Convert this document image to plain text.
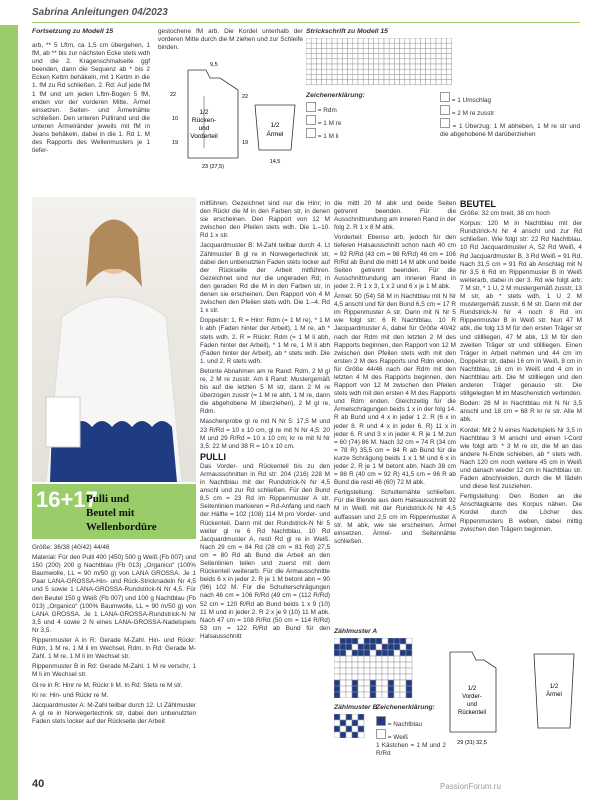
Sabrina Anleitungen 04/2023
Fortsetzung zu Modell 15
arb, ** 5 Lftm, ca 1,5 cm übergehen, 1 fM, ab ** bis zur nächsten Ecke stets wdh und die 2. Kragenschmalseite ggf beenden, dann die Sequenz ab * bis 2 Ecken Kettm behäkeln, mit 1 Kettm in die 1. fM zu Rd schließen. 2. Rd: Auf jede fM 1 fM und um jeden Lftm-Bogen 5 fM, enden vor der vorderen Mitte. Ärmel einsetzen. Seiten- und Ärmelnähte schließen. Den unteren Pullirand und die unteren Ärmelränder jeweils mit fM in Jeans behäkeln, dabei in die 1. Rd 1. M des Rapports des Wellenmusters je 1 tiefer-
gestochene fM arb. Die Kordel unterhalb der vorderen Mitte durch die M ziehen und zur Schleife binden.
1/2
Rücken-
und
Vorderteil
9,5
22
10
19
23 (27,5)
22
19
1/2
Ärmel
14,5
Strickschrift zu Modell 15
Zeichenerklärung:
= Rdm
= 1 M re
= 1 M li
= 1 Umschlag
= 2 M re zusstr
= 1 Überzug: 1 M abheben, 1 M re str und die abgehobene M darüberziehen
16+17
Pulli und
Beutel mit
Wellenbordüre

Größe: 36/38 (40/42) 44/46

Material: Für den Pulli 400 (450) 500 g Weiß (Fb 007) und 150 (200) 200 g Nachtblau (Fb 013) „Organico“ (100% Baumwolle, LL = 90 m/50 g) von LANA GROSSA. Je 1 Paar LANA-GROSSA-Hin- und Rück-Stricknadeln Nr 4,5 und 5 sowie 1 LANA-GROSSA-Rundstrick-N Nr 4,5. Für den Beutel 150 g Weiß (Fb 007) und 100 g Nachtblau (Fb 013) „Organico“ (100% Baumwolle, LL = 90 m/50 g) von LANA GROSSA. Je 1 LANA-GROSSA-Rundstrick-N Nr 3,5 und 4 sowie 2 N eines LANA-GROSSA-Nadelspiels Nr 3,5.

Rippenmuster A in R: Gerade M-Zahl. Hin- und Rückr: Rdm, 1 M re, 1 M li im Wechsel, Rdm. In Rd: Gerade M-Zahl. 1 M re, 1 M li im Wechsel str.

Rippenmuster B in Rd: Gerade M-Zahl. 1 M re verschr, 1 M li im Wechsel str.

Gl re in R: Hinr re M, Rückr li M. In Rd: Stets re M str.

Kr re: Hin- und Rückr re M.

Jacquardmuster A: M-Zahl teilbar durch 12. Lt Zählmuster A gl re in Norwegertechnik str, dabei den unbenutzten Faden stets locker auf der Rückseite der Arbeit

mitführen. Gezeichnet sind nur die Hinr; in den Rückr die M in den Farben str, in denen sie erscheinen. Den Rapport von 12 M zwischen den Pfeilen stets wdh. Die 1.–10. Rd 1 x str.

Jacquardmuster B: M-Zahl teilbar durch 4. Lt Zählmuster B gl re in Norwegertechnik str, dabei den unbenutzten Faden stets locker auf der Rückseite der Arbeit mitführen. Gezeichnet sind nur die ungeraden Rd; in den geraden Rd die M in den Farben str, in denen sie erscheinen. Den Rapport von 4 M zwischen den Pfeilen stets wdh. Die 1.–4. Rd 1 x str.

Doppelstr: 1. R = Hinr: Rdm (= 1 M re), * 1 M li abh (Faden hinter der Arbeit), 1 M re, ab * stets wdh. 2. R = Rückr: Rdm (= 1 M li abh, Faden hinter der Arbeit), * 1 M re, 1 M li abh (Faden hinter der Arbeit), ab * stets wdh. Die 1. und 2. R stets wdh.

Betonte Abnahmen am re Rand: Rdm, 2 M gl re, 2 M re zusstr. Am li Rand: Mustergemäß bis auf die letzten 5 M str, dann 2 M re überzogen zusstr (= 1 M re abh, 1 M re, dann die abgehobene M überziehen), 2 M gl re, Rdm.

Maschenprobe gl re mit N Nr 5: 17,5 M und 23 R/Rd = 10 x 10 cm, gl re mit N Nr 4,5: 20 M und 29 R/Rd = 10 x 10 cm; kr re mit N Nr 3,5: 22 M und 38 R = 10 x 10 cm.

PULLI

Das Vorder- und Rückenteil bis zu den Armausschnitten in Rd str: 204 (216) 228 M in Nachtblau mit der Rundstrick-N Nr 4,5 anschl und zur Rd schließen. Für den Bund 8,5 cm = 23 Rd im Rippenmuster A str. Seitenlinien markieren = Rd-Anfang und nach der Hälfte = 102 (108) 114 M pro Vorder- und Rückenteil. Dann mit der Rundstrick-N Nr 5 weiter gl re 6 Rd Nachtblau, 10 Rd Jacquardmuster A, restl Rd gl re in Weiß. Nach 29 cm = 84 Rd (28 cm = 81 Rd) 27,5 cm = 80 Rd ab Bund die Arbeit an den Seitenlinien teilen und zuerst mit dem Rückenteil weiterarb. Für die Armausschnitte beids 6 x in jeder 2. R je 1 M betont abn = 90 (96) 102 M. Für die Schulterschrägungen nach 46 cm = 106 R/Rd (49 cm = (112 R/Rd) 52 cm = 120 R/Rd ab Bund beids 1 x 9 (10) 11 M und in jeder 2. R 2 x je 9 (10) 11 M abk. Nach 47 cm = 108 R/Rd (50 cm = 114 R/Rd) 53 cm = 122 R/Rd ab Bund für den Halsausschnitt

die mittl 20 M abk und beide Seiten getrennt beenden. Für die Ausschnittrundung am inneren Rand in der folg 2. R 1 x 8 M abk.

Vorderteil: Ebenso arb, jedoch für den tieferen Halsausschnitt schon nach 40 cm = 92 R/Rd (43 cm = 98 R/Rd) 46 cm = 106 R/Rd ab Bund die mittl 14 M abk und beide Seiten getrennt beenden. Für die Ausschnittrundung am inneren Rand in jeder 2. R 1 x 3, 1 x 2 und 6 x je 1 M abk.

Ärmel: 50 (54) 58 M in Nachtblau mit N Nr 4,5 anschl und für den Bund 6,5 cm = 17 R im Rippenmuster A str. Dann mit N Nr 5 wie folgt str: 6 R Nachtblau, 10 R Jacquardmuster A, dabei für Größe 40/42 nach der Rdm mit den letzten 2 M des Rapports beginnen, den Rapport von 12 M zwischen den Pfeilen stets wdh mit den ersten 2 M des Rapports und Rdm enden, für Größe 44/46 nach der Rdm mit den letzten 4 M des Rapports beginnen, den Rapport von 12 M zwischen den Pfeilen stets wdh mit den ersten 4 M des Rapports und Rdm enden. Gleichzeitig für die Ärmelschrägungen beids 1 x in der folg 14. R ab Bund und 4 x in jeder 1 2. R (6 x in jeder 8. R und 4 x in jeder 6. R) 11 x in jeder 6. R und 3 x in jeder 4. R je 1 M zun = 60 (74) 86 M. Nach 32 cm = 74 R (34 cm = 78 R) 35,5 cm = 84 R ab Bund für die kurze Schrägung beids 1 x 1 M und 6 x in jeder 2. R je 1 M betont abn. Nach 38 cm = 88 R (40 cm = 92 R) 41,5 cm = 96 R ab Bund die restl 46 (60) 72 M abk.

Fertigstellung: Schulternähte schließen. Für die Blende aus dem Halsausschnitt 92 M in Weiß mit der Rundstrick-N Nr 4,5 auffassen und 2,5 cm im Rippenmuster A str. M abk, wie sie erscheinen. Ärmel einsetzen. Ärmel- und Seitennähte schließen.

BEUTEL

Größe: 32 cm breit, 38 cm hoch

Korpus: 120 M in Nachtblau mit der Rundstrick-N Nr 4 anschl und zur Rd schließen. Wie folgt str: 22 Rd Nachtblau, 10 Rd Jacquardmuster A, 52 Rd Weiß, 4 Rd Jacquardmuster B, 3 Rd Weiß = 91 Rd. Nach 31,5 cm = 91 Rd ab Anschlag mit N Nr 3,5 6 Rd im Rippenmuster B in Weiß weiterarb, dabei in der 3. Rd wie folgt arb: 7 M str, * 1 U, 2 M mustergemäß zusstr, 13 M str, ab * stets wdh, 1 U 2 M mustergemäß zusstr, 6 M str. Dann mit der Rundstrick-N Nr 4 noch 8 Rd im Rippenmuster B in Weiß str. Nun 47 M abk, die folg 13 M für den ersten Träger str und stillliegen, 47 M abk, 13 M für den zweiten Träger str und stillliegen. Einen Träger in Arbeit nehmen und 44 cm im Doppelstr str, dabei 16 cm in Weiß, 8 cm in Nachtblau, 16 cm in Weiß und 4 cm in Nachtblau arb. Die M stillliegen und den anderen Träger genauso str. Die stillgelegten M im Maschenstich verbinden.

Boden: 28 M in Nachtblau mit N Nr 3,5 anschl und 18 cm = 68 R kr re str. Alle M abk.

Kordel: Mit 2 N eines Nadelspiels Nr 3,5 in Nachtblau 3 M anschl und einen I-Cord wie folgt arb: * 3 M re str, die M an das andere N-Ende schieben, ab * stets wdh. Nach 120 cm noch weitere 45 cm in Weiß und danach wieder 12 cm in Nachtblau str. Faden abschneiden, durch die M fädeln und diese fest zusziehen.

Fertigstellung: Den Boden an die Anschlagkante des Korpus nähen. Die Kordel durch die Löcher des Rippenmusters B weben, dabei mittig zwischen den Trägern beginnen.

Zählmuster A
Zählmuster B
Zeichenerklärung:
= Nachtblau
= Weiß
1 Kästchen = 1 M und 2 R/Rd
1/2
Vorder-
und
Rückenteil
29 (31) 32,5
1/2
Ärmel
40	PassionForum.ru
